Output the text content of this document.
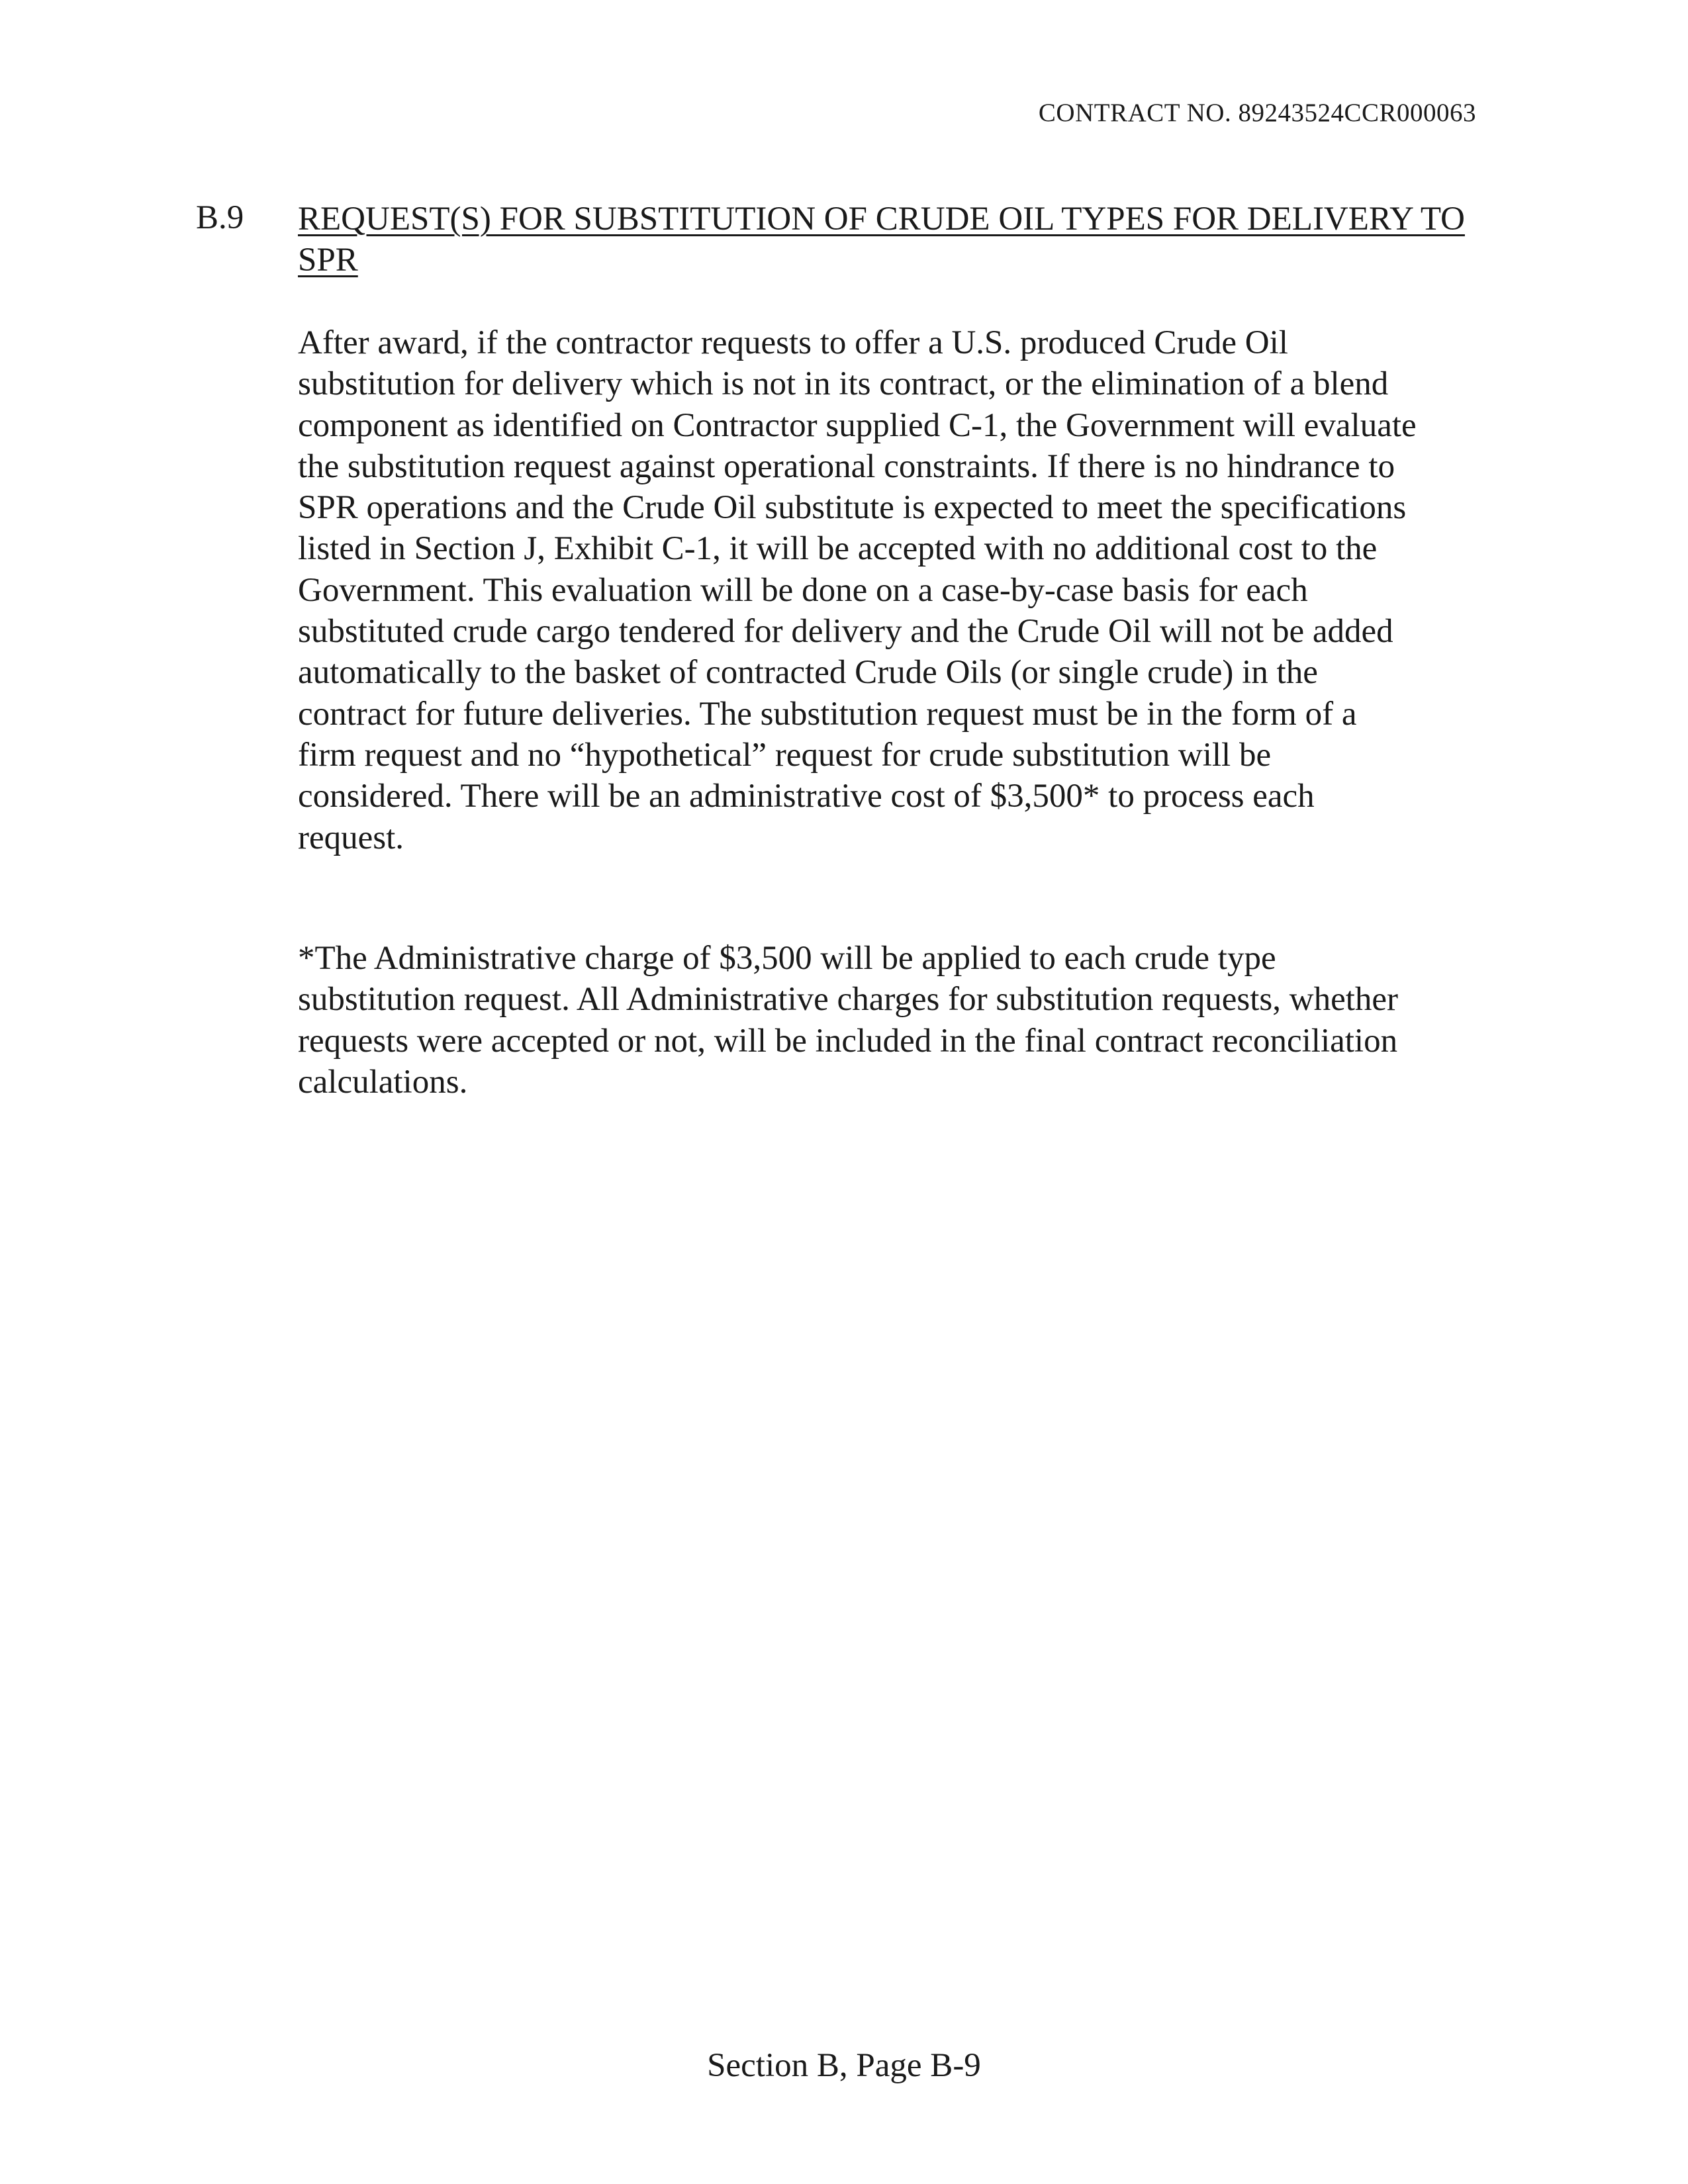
CONTRACT NO. 89243524CCR000063
B.9 REQUEST(S) FOR SUBSTITUTION OF CRUDE OIL TYPES FOR DELIVERY TO SPR
After award, if the contractor requests to offer a U.S. produced Crude Oil
substitution for delivery which is not in its contract, or the elimination of a blend
component as identified on Contractor supplied C-1, the Government will evaluate
the substitution request against operational constraints. If there is no hindrance to
SPR operations and the Crude Oil substitute is expected to meet the specifications
listed in Section J, Exhibit C-1, it will be accepted with no additional cost to the
Government. This evaluation will be done on a case-by-case basis for each
substituted crude cargo tendered for delivery and the Crude Oil will not be added
automatically to the basket of contracted Crude Oils (or single crude) in the
contract for future deliveries. The substitution request must be in the form of a
firm request and no “hypothetical” request for crude substitution will be
considered. There will be an administrative cost of $3,500* to process each
request.
*The Administrative charge of $3,500 will be applied to each crude type
substitution request. All Administrative charges for substitution requests, whether
requests were accepted or not, will be included in the final contract reconciliation
calculations.
Section B, Page B-9
